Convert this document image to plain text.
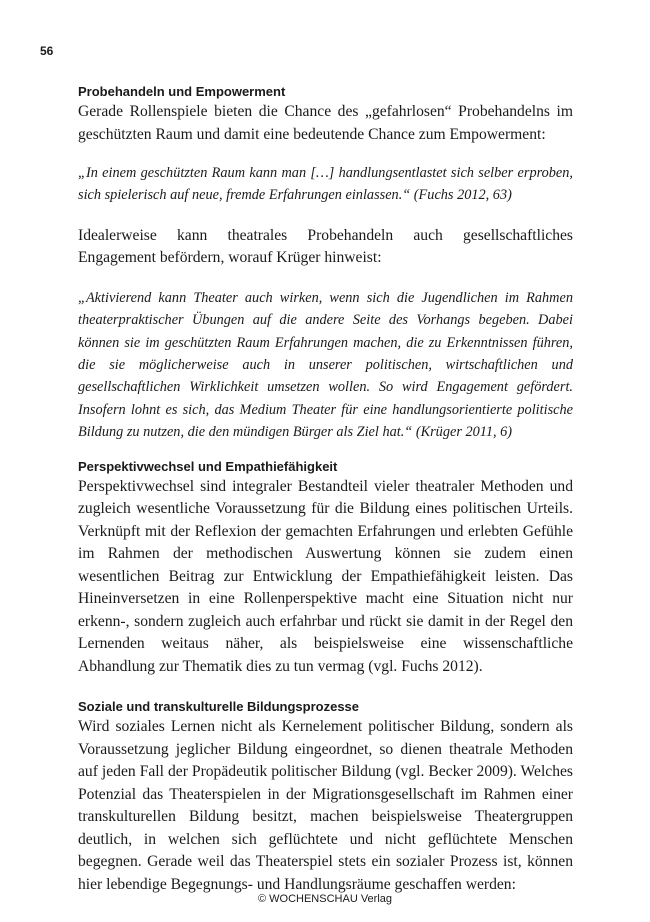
56
Probehandeln und Empowerment

Gerade Rollenspiele bieten die Chance des „gefahrlosen“ Probehandelns im geschützten Raum und damit eine bedeutende Chance zum Empowerment:

„In einem geschützten Raum kann man […] handlungsentlastet sich selber erproben, sich spielerisch auf neue, fremde Erfahrungen einlassen.“ (Fuchs 2012, 63)

Idealerweise kann theatrales Probehandeln auch gesellschaftliches Engagement befördern, worauf Krüger hinweist:

„Aktivierend kann Theater auch wirken, wenn sich die Jugendlichen im Rahmen theaterpraktischer Übungen auf die andere Seite des Vorhangs begeben. Dabei können sie im geschützten Raum Erfahrungen machen, die zu Erkenntnissen führen, die sie möglicherweise auch in unserer politischen, wirtschaftlichen und gesellschaftlichen Wirklichkeit umsetzen wollen. So wird Engagement gefördert. Insofern lohnt es sich, das Medium Theater für eine handlungsorientierte politische Bildung zu nutzen, die den mündigen Bürger als Ziel hat.“ (Krüger 2011, 6)

Perspektivwechsel und Empathiefähigkeit

Perspektivwechsel sind integraler Bestandteil vieler theatraler Methoden und zugleich wesentliche Voraussetzung für die Bildung eines politischen Urteils. Verknüpft mit der Reflexion der gemachten Erfahrungen und erlebten Gefühle im Rahmen der methodischen Auswertung können sie zudem einen wesentlichen Beitrag zur Entwicklung der Empathiefähigkeit leisten. Das Hineinversetzen in eine Rollenperspektive macht eine Situation nicht nur erkenn-, sondern zugleich auch erfahrbar und rückt sie damit in der Regel den Lernenden weitaus näher, als beispielsweise eine wissenschaftliche Abhandlung zur Thematik dies zu tun vermag (vgl. Fuchs 2012).

Soziale und transkulturelle Bildungsprozesse

Wird soziales Lernen nicht als Kernelement politischer Bildung, sondern als Voraussetzung jeglicher Bildung eingeordnet, so dienen theatrale Methoden auf jeden Fall der Propädeutik politischer Bildung (vgl. Becker 2009). Welches Potenzial das Theaterspielen in der Migrationsgesellschaft im Rahmen einer transkulturellen Bildung besitzt, machen beispielsweise Theatergruppen deutlich, in welchen sich geflüchtete und nicht geflüchtete Menschen begegnen. Gerade weil das Theaterspiel stets ein sozialer Prozess ist, können hier lebendige Begegnungs- und Handlungsräume geschaffen werden:

© WOCHENSCHAU Verlag
